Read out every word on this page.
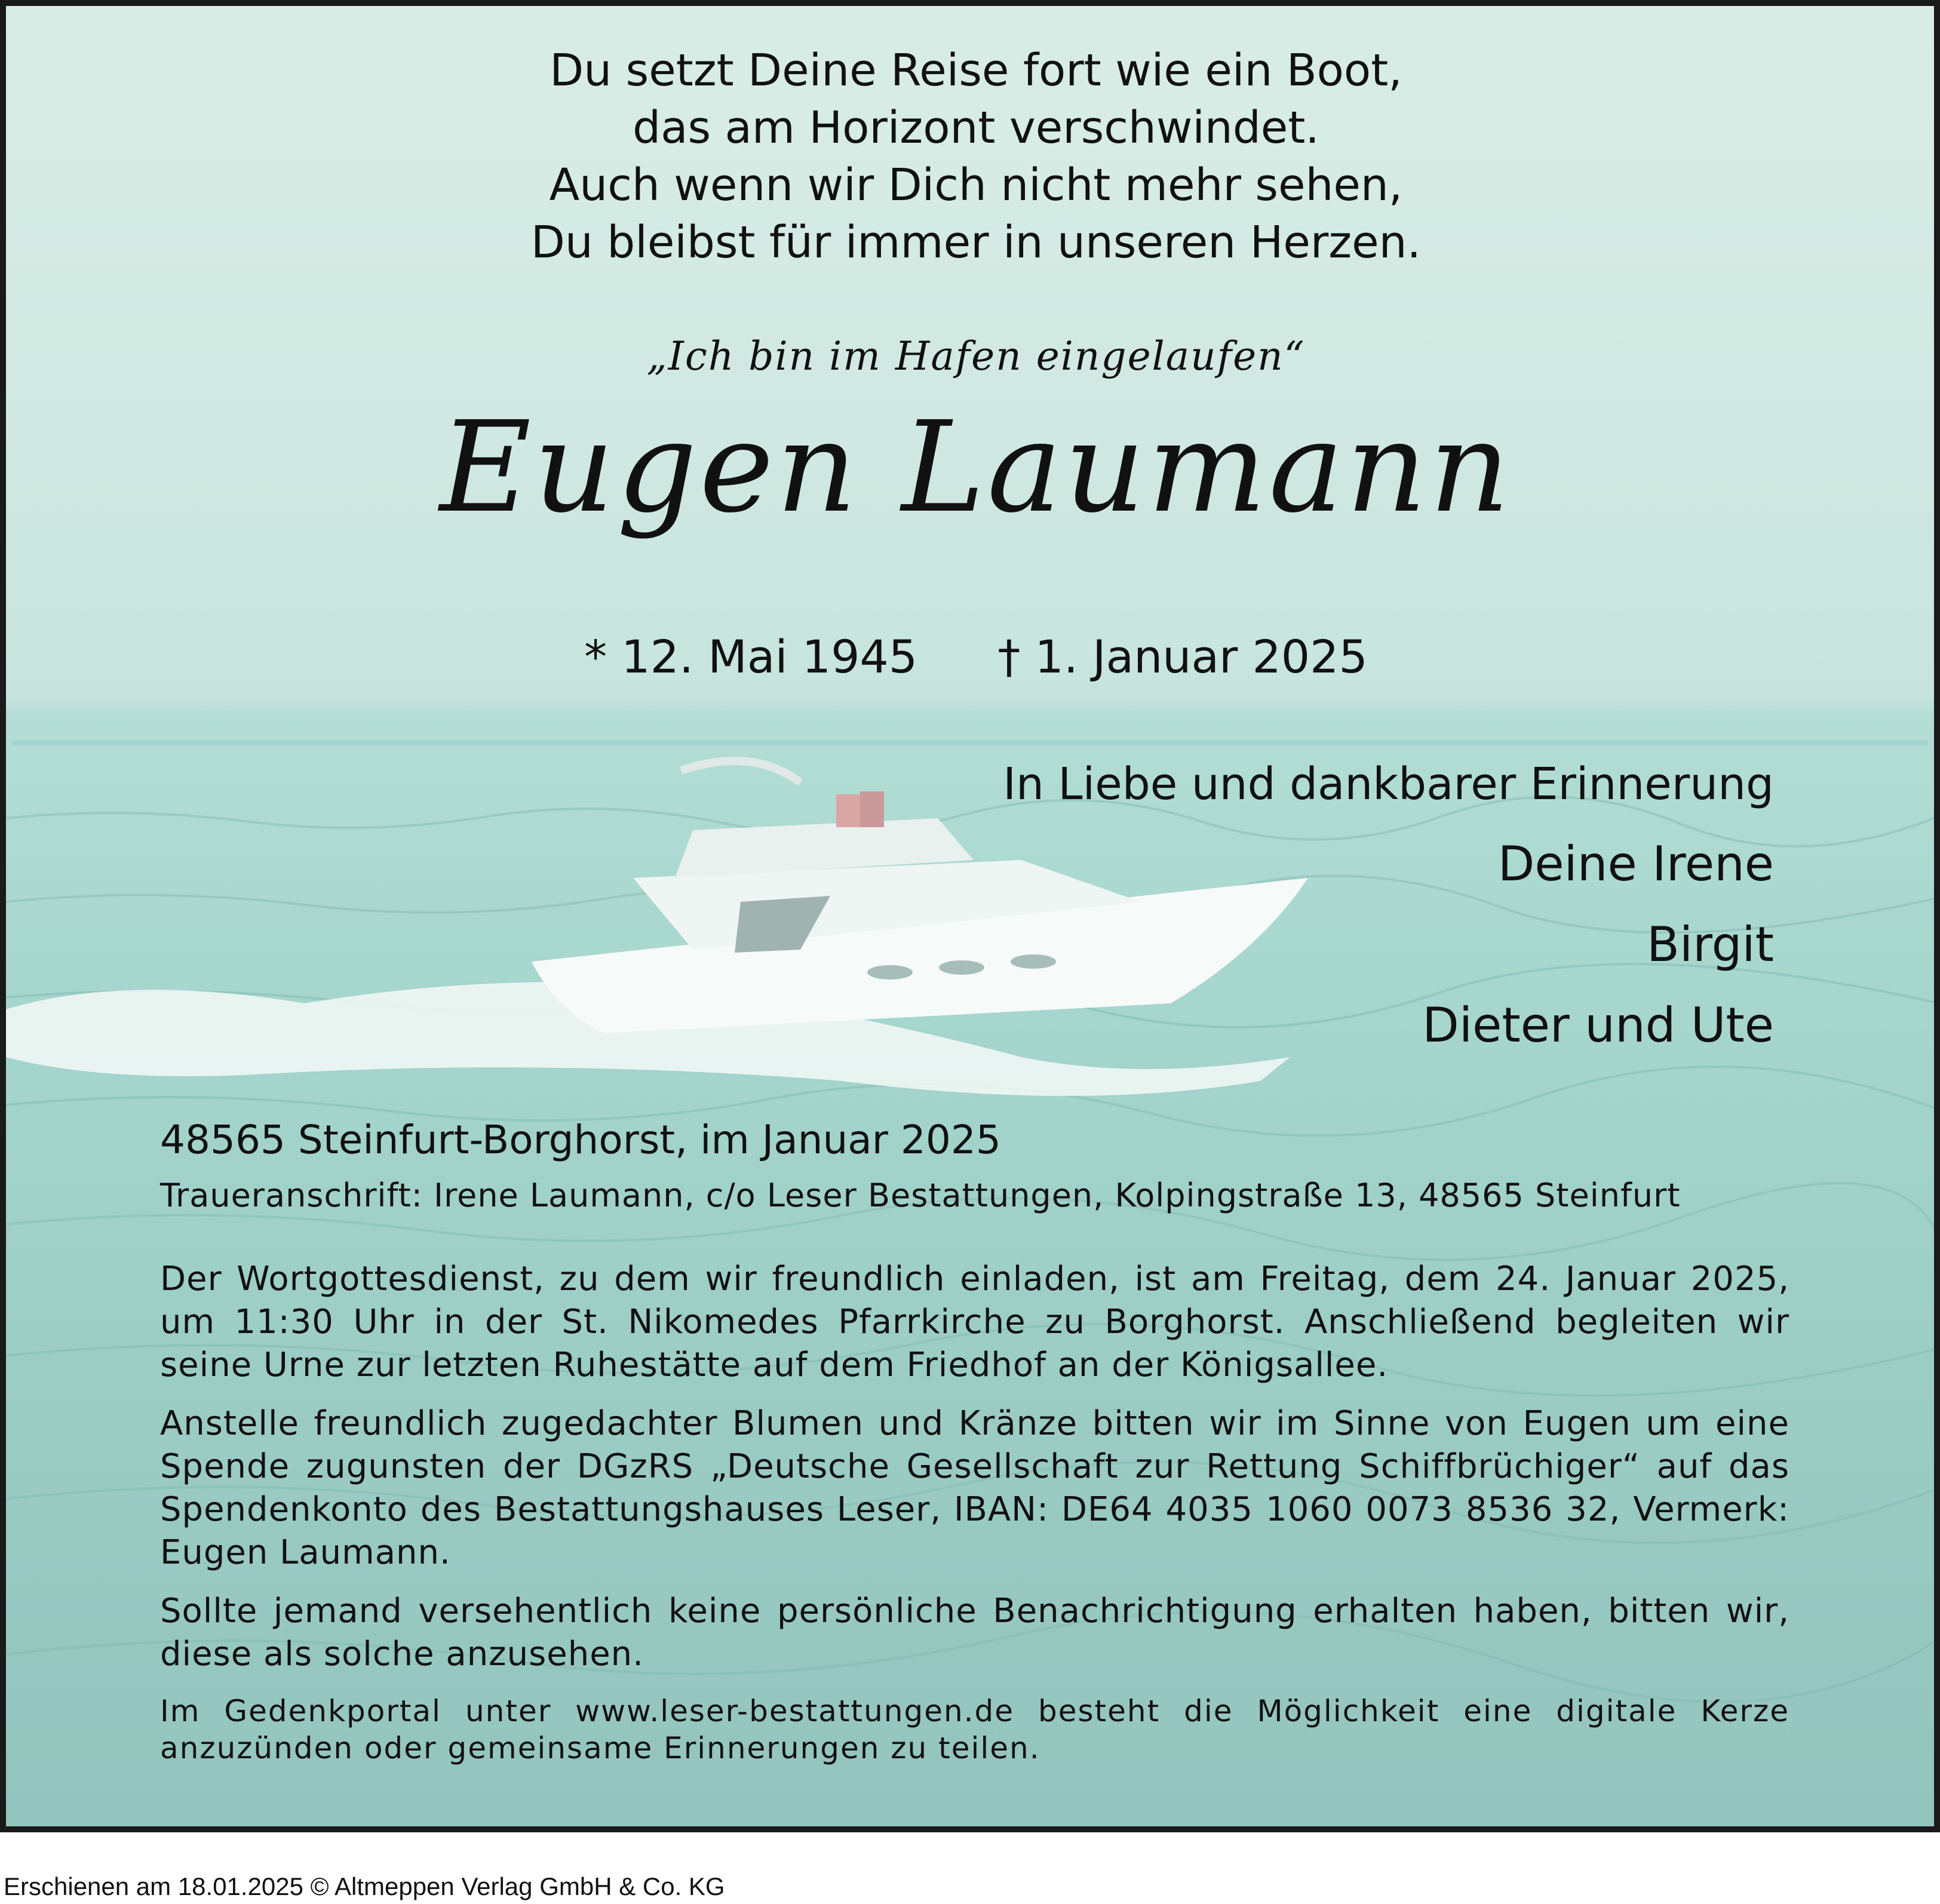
Du setzt Deine Reise fort wie ein Boot,

das am Horizont verschwindet.

Auch wenn wir Dich nicht mehr sehen,

Du bleibst für immer in unseren Herzen.

„Ich bin im Hafen eingelaufen“
Eugen Laumann
* 12. Mai 1945 † 1. Januar 2025
In Liebe und dankbarer Erinnerung
Deine Irene
Birgit
Dieter und Ute
48565 Steinfurt-Borghorst, im Januar 2025
Traueranschrift: Irene Laumann, c/o Leser Bestattungen, Kolpingstraße 13, 48565 Steinfurt

Der Wortgottesdienst, zu dem wir freundlich einladen, ist am Freitag, dem 24. Januar 2025, um 11:30 Uhr in der St. Nikomedes Pfarrkirche zu Borghorst. Anschließend begleiten wir seine Urne zur letzten Ruhestätte auf dem Friedhof an der Königsallee.

Anstelle freundlich zugedachter Blumen und Kränze bitten wir im Sinne von Eugen um eine Spende zugunsten der DGzRS „Deutsche Gesellschaft zur Rettung Schiffbrüchiger“ auf das Spendenkonto des Bestattungshauses Leser, IBAN: DE64 4035 1060 0073 8536 32, Vermerk: Eugen Laumann.

Sollte jemand versehentlich keine persönliche Benachrichtigung erhalten haben, bitten wir, diese als solche anzusehen.

Im Gedenkportal unter www.leser-bestattungen.de besteht die Möglichkeit eine digitale Kerze anzuzünden oder gemeinsame Erinnerungen zu teilen.

Erschienen am 18.01.2025 © Altmeppen Verlag GmbH & Co. KG
